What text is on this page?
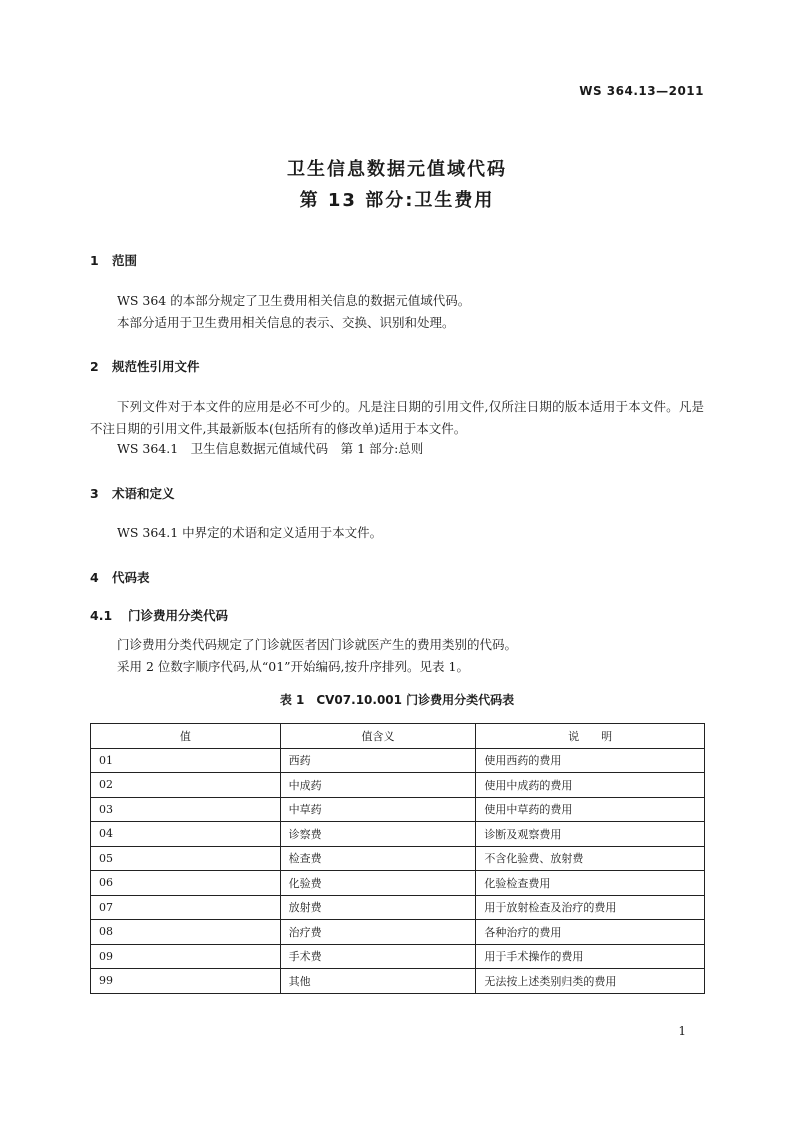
WS 364.13—2011
卫生信息数据元值域代码
第 13 部分:卫生费用
1 范围
WS 364 的本部分规定了卫生费用相关信息的数据元值域代码。
本部分适用于卫生费用相关信息的表示、交换、识别和处理。
2 规范性引用文件
下列文件对于本文件的应用是必不可少的。凡是注日期的引用文件,仅所注日期的版本适用于本文件。凡是不注日期的引用文件,其最新版本(包括所有的修改单)适用于本文件。
WS 364.1　卫生信息数据元值域代码　第 1 部分:总则
3 术语和定义
WS 364.1 中界定的术语和定义适用于本文件。
4 代码表
4.1 门诊费用分类代码
门诊费用分类代码规定了门诊就医者因门诊就医产生的费用类别的代码。
采用 2 位数字顺序代码,从“01”开始编码,按升序排列。见表 1。
表 1　CV07.10.001 门诊费用分类代码表
值	值含义	说　　明
01	西药	使用西药的费用
02	中成药	使用中成药的费用
03	中草药	使用中草药的费用
04	诊察费	诊断及观察费用
05	检查费	不含化验费、放射费
06	化验费	化验检查费用
07	放射费	用于放射检查及治疗的费用
08	治疗费	各种治疗的费用
09	手术费	用于手术操作的费用
99	其他	无法按上述类别归类的费用
1
